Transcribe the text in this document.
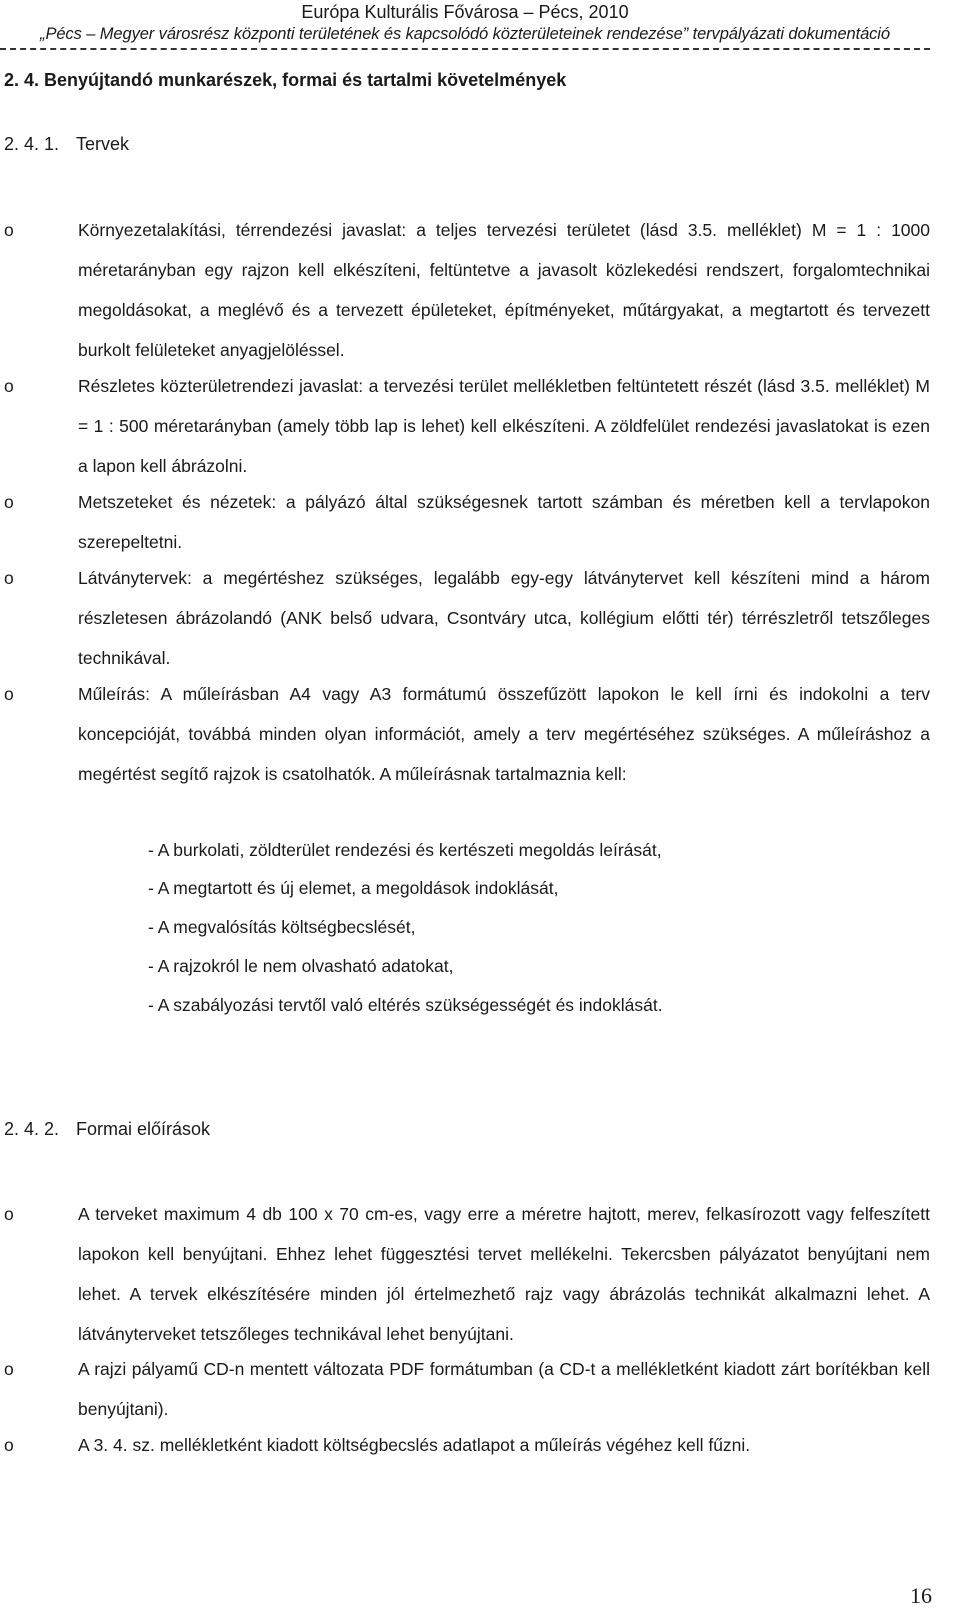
Európa Kulturális Fővárosa – Pécs, 2010
„Pécs – Megyer városrész központi területének és kapcsolódó közterületeinek rendezése” tervpályázati dokumentáció
2. 4. Benyújtandó munkarészek, formai és tartalmi követelmények
2. 4. 1. Tervek
o	Környezetalakítási, térrendezési javaslat: a teljes tervezési területet (lásd 3.5. melléklet) M = 1 : 1000 méretarányban egy rajzon kell elkészíteni, feltüntetve a javasolt közlekedési rendszert, forgalomtechnikai megoldásokat, a meglévő és a tervezett épületeket, építményeket, műtárgyakat, a megtartott és tervezett burkolt felületeket anyagjelöléssel.
o	Részletes közterületrendezi javaslat: a tervezési terület mellékletben feltüntetett részét (lásd 3.5. melléklet) M = 1 : 500 méretarányban (amely több lap is lehet) kell elkészíteni. A zöldfelület rendezési javaslatokat is ezen a lapon kell ábrázolni.
o	Metszeteket és nézetek: a pályázó által szükségesnek tartott számban és méretben kell a tervlapokon szerepeltetni.
o	Látványtervek: a megértéshez szükséges, legalább egy-egy látványtervet kell készíteni mind a három részletesen ábrázolandó (ANK belső udvara, Csontváry utca, kollégium előtti tér) térrészletről tetszőleges technikával.
o	Műleírás: A műleírásban A4 vagy A3 formátumú összefűzött lapokon le kell írni és indokolni a terv koncepcióját, továbbá minden olyan információt, amely a terv megértéséhez szükséges. A műleíráshoz a megértést segítő rajzok is csatolhatók. A műleírásnak tartalmaznia kell:
- A burkolati, zöldterület rendezési és kertészeti megoldás leírását,
- A megtartott és új elemet, a megoldások indoklását,
- A megvalósítás költségbecslését,
- A rajzokról le nem olvasható adatokat,
- A szabályozási tervtől való eltérés szükségességét és indoklását.
2. 4. 2. Formai előírások
o	A terveket maximum 4 db 100 x 70 cm-es, vagy erre a méretre hajtott, merev, felkasírozott vagy felfeszített lapokon kell benyújtani. Ehhez lehet függesztési tervet mellékelni. Tekercsben pályázatot benyújtani nem lehet. A tervek elkészítésére minden jól értelmezhető rajz vagy ábrázolás technikát alkalmazni lehet. A látványterveket tetszőleges technikával lehet benyújtani.
o	A rajzi pályamű CD-n mentett változata PDF formátumban (a CD-t a mellékletként kiadott zárt borítékban kell benyújtani).
o	A 3. 4. sz. mellékletként kiadott költségbecslés adatlapot a műleírás végéhez kell fűzni.
16
